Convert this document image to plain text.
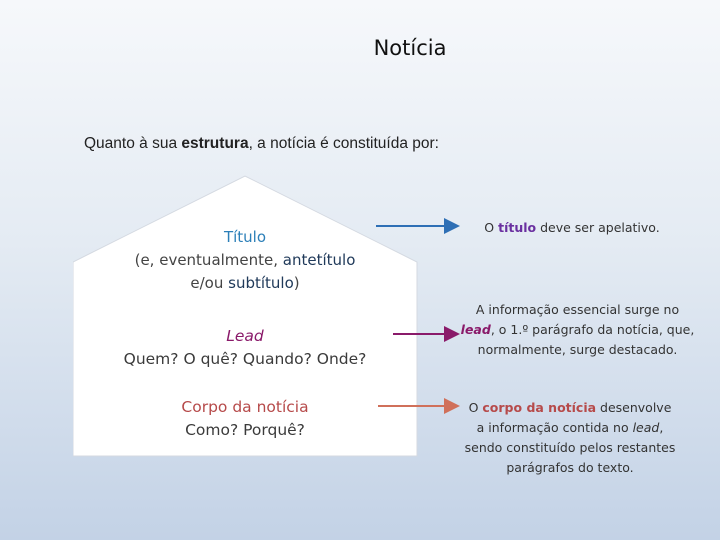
Notícia
Quanto à sua estrutura, a notícia é constituída por:
Título
(e, eventualmente, antetítulo
e/ou subtítulo)
Lead
Quem? O quê? Quando? Onde?
Corpo da notícia
Como? Porquê?
O título deve ser apelativo.
A informação essencial surge no
lead, o 1.º parágrafo da notícia, que,
normalmente, surge destacado.
O corpo da notícia desenvolve
a informação contida no lead,
sendo constituído pelos restantes
parágrafos do texto.
